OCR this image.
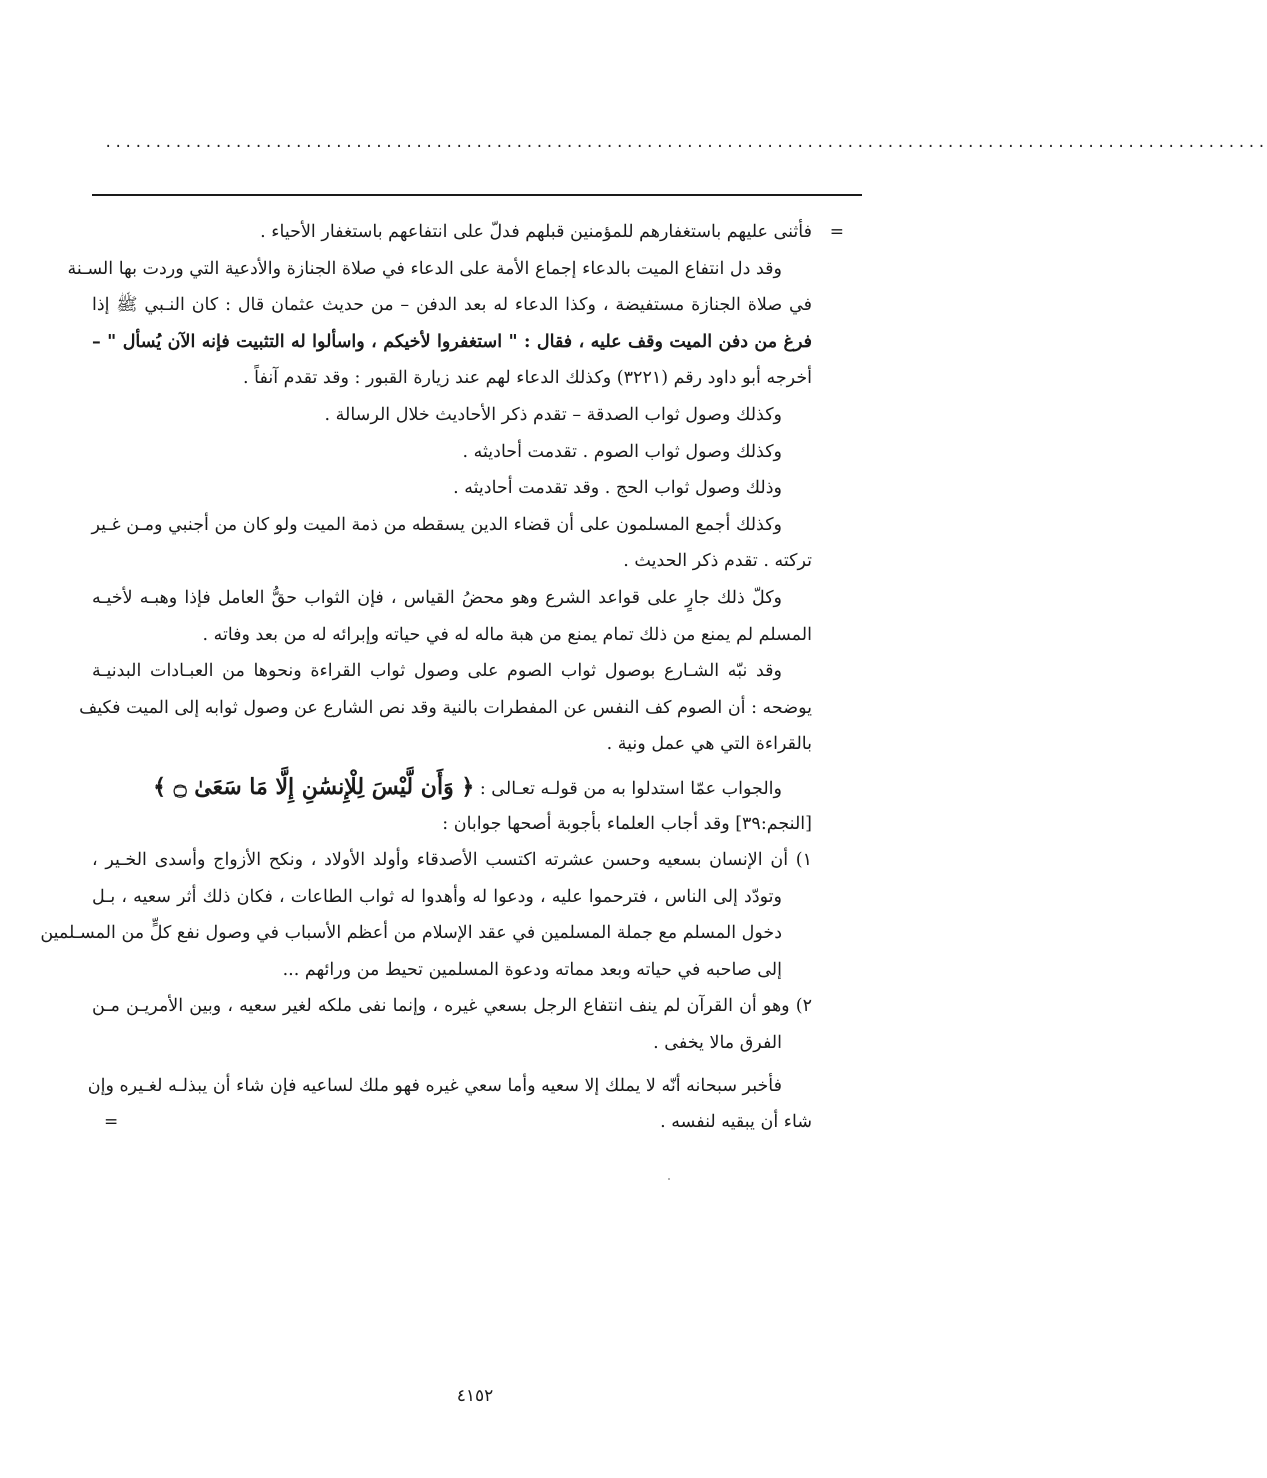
....................................................................................................................
=
فأثنى عليهم باستغفارهم للمؤمنين قبلهم فدلّ على انتفاعهم باستغفار الأحياء .
وقد دل انتفاع الميت بالدعاء إجماع الأمة على الدعاء في صلاة الجنازة والأدعية التي وردت بها السـنة
في صلاة الجنازة مستفيضة ، وكذا الدعاء له بعد الدفن – من حديث عثمان قال : كان النـبي ﷺ إذا
فرغ من دفن الميت وقف عليه ، فقال : " استغفروا لأخيكم ، واسألوا له التثبيت فإنه الآن يُسأل " –
أخرجه أبو داود رقم (٣٢٢١) وكذلك الدعاء لهم عند زيارة القبور : وقد تقدم آنفاً .
وكذلك وصول ثواب الصدقة – تقدم ذكر الأحاديث خلال الرسالة .
وكذلك وصول ثواب الصوم . تقدمت أحاديثه .
وذلك وصول ثواب الحج . وقد تقدمت أحاديثه .
وكذلك أجمع المسلمون على أن قضاء الدين يسقطه من ذمة الميت ولو كان من أجنبي ومـن غـير
تركته . تقدم ذكر الحديث .
وكلّ ذلك جارٍ على قواعد الشرع وهو محضُ القياس ، فإن الثواب حقُّ العامل فإذا وهبـه لأخيـه
المسلم لم يمنع من ذلك تمام يمنع من هبة ماله له في حياته وإبرائه له من بعد وفاته .
وقد نبّه الشـارع بوصول ثواب الصوم على وصول ثواب القراءة ونحوها من العبـادات البدنيـة
يوضحه : أن الصوم كف النفس عن المفطرات بالنية وقد نص الشارع عن وصول ثوابه إلى الميت فكيف
بالقراءة التي هي عمل ونية .
والجواب عمّا استدلوا به من قولـه تعـالى : ﴿ وَأَن لَّيْسَ لِلْإِنسَٰنِ إِلَّا مَا سَعَىٰ ۝ ﴾
[النجم:٣٩] وقد أجاب العلماء بأجوبة أصحها جوابان :
١) أن الإنسان بسعيه وحسن عشرته اكتسب الأصدقاء وأولد الأولاد ، ونكح الأزواج وأسدى الخـير ،
وتودّد إلى الناس ، فترحموا عليه ، ودعوا له وأهدوا له ثواب الطاعات ، فكان ذلك أثر سعيه ، بـل
دخول المسلم مع جملة المسلمين في عقد الإسلام من أعظم الأسباب في وصول نفع كلٍّ من المسـلمين
إلى صاحبه في حياته وبعد مماته ودعوة المسلمين تحيط من ورائهم ...
٢) وهو أن القرآن لم ينف انتفاع الرجل بسعي غيره ، وإنما نفى ملكه لغير سعيه ، وبين الأمريـن مـن
الفرق مالا يخفى .
فأخبر سبحانه أنّه لا يملك إلا سعيه وأما سعي غيره فهو ملك لساعيه فإن شاء أن يبذلـه لغـيره وإن
شاء أن يبقيه لنفسه .
=
٤١٥٢
